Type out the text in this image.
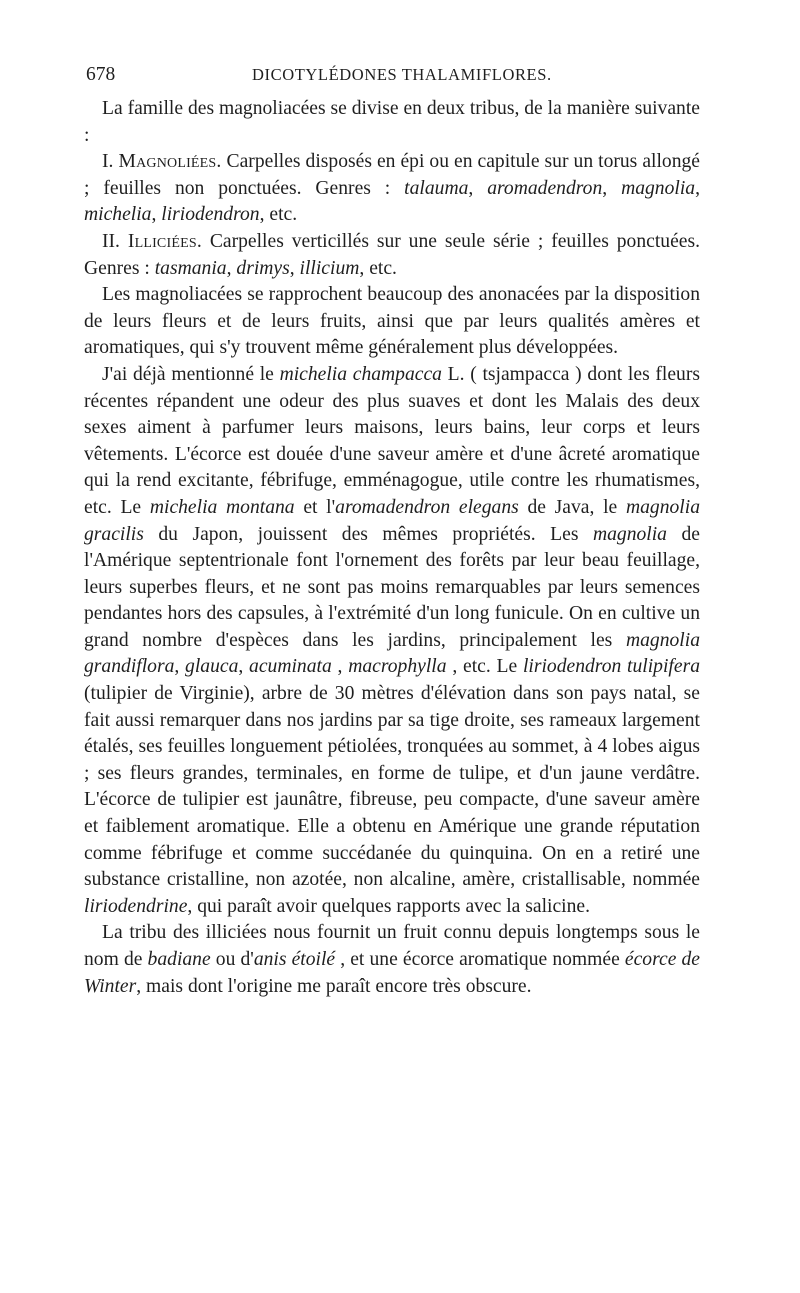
678	DICOTYLÉDONES THALAMIFLORES.

La famille des magnoliacées se divise en deux tribus, de la manière suivante :

I. Magnoliées. Carpelles disposés en épi ou en capitule sur un torus allongé ; feuilles non ponctuées. Genres : talauma, aromadendron, magnolia, michelia, liriodendron, etc.

II. Illiciées. Carpelles verticillés sur une seule série ; feuilles ponctuées. Genres : tasmania, drimys, illicium, etc.

Les magnoliacées se rapprochent beaucoup des anonacées par la disposition de leurs fleurs et de leurs fruits, ainsi que par leurs qualités amères et aromatiques, qui s'y trouvent même généralement plus développées.

J'ai déjà mentionné le michelia champacca L. ( tsjampacca ) dont les fleurs récentes répandent une odeur des plus suaves et dont les Malais des deux sexes aiment à parfumer leurs maisons, leurs bains, leur corps et leurs vêtements. L'écorce est douée d'une saveur amère et d'une âcreté aromatique qui la rend excitante, fébrifuge, emménagogue, utile contre les rhumatismes, etc. Le michelia montana et l'aromadendron elegans de Java, le magnolia gracilis du Japon, jouissent des mêmes propriétés. Les magnolia de l'Amérique septentrionale font l'ornement des forêts par leur beau feuillage, leurs superbes fleurs, et ne sont pas moins remarquables par leurs semences pendantes hors des capsules, à l'extrémité d'un long funicule. On en cultive un grand nombre d'espèces dans les jardins, principalement les magnolia grandiflora, glauca, acuminata , macrophylla , etc. Le liriodendron tulipifera (tulipier de Virginie), arbre de 30 mètres d'élévation dans son pays natal, se fait aussi remarquer dans nos jardins par sa tige droite, ses rameaux largement étalés, ses feuilles longuement pétiolées, tronquées au sommet, à 4 lobes aigus ; ses fleurs grandes, terminales, en forme de tulipe, et d'un jaune verdâtre. L'écorce de tulipier est jaunâtre, fibreuse, peu compacte, d'une saveur amère et faiblement aromatique. Elle a obtenu en Amérique une grande réputation comme fébrifuge et comme succédanée du quinquina. On en a retiré une substance cristalline, non azotée, non alcaline, amère, cristallisable, nommée liriodendrine, qui paraît avoir quelques rapports avec la salicine.

La tribu des illiciées nous fournit un fruit connu depuis longtemps sous le nom de badiane ou d'anis étoilé , et une écorce aromatique nommée écorce de Winter, mais dont l'origine me paraît encore très obscure.
